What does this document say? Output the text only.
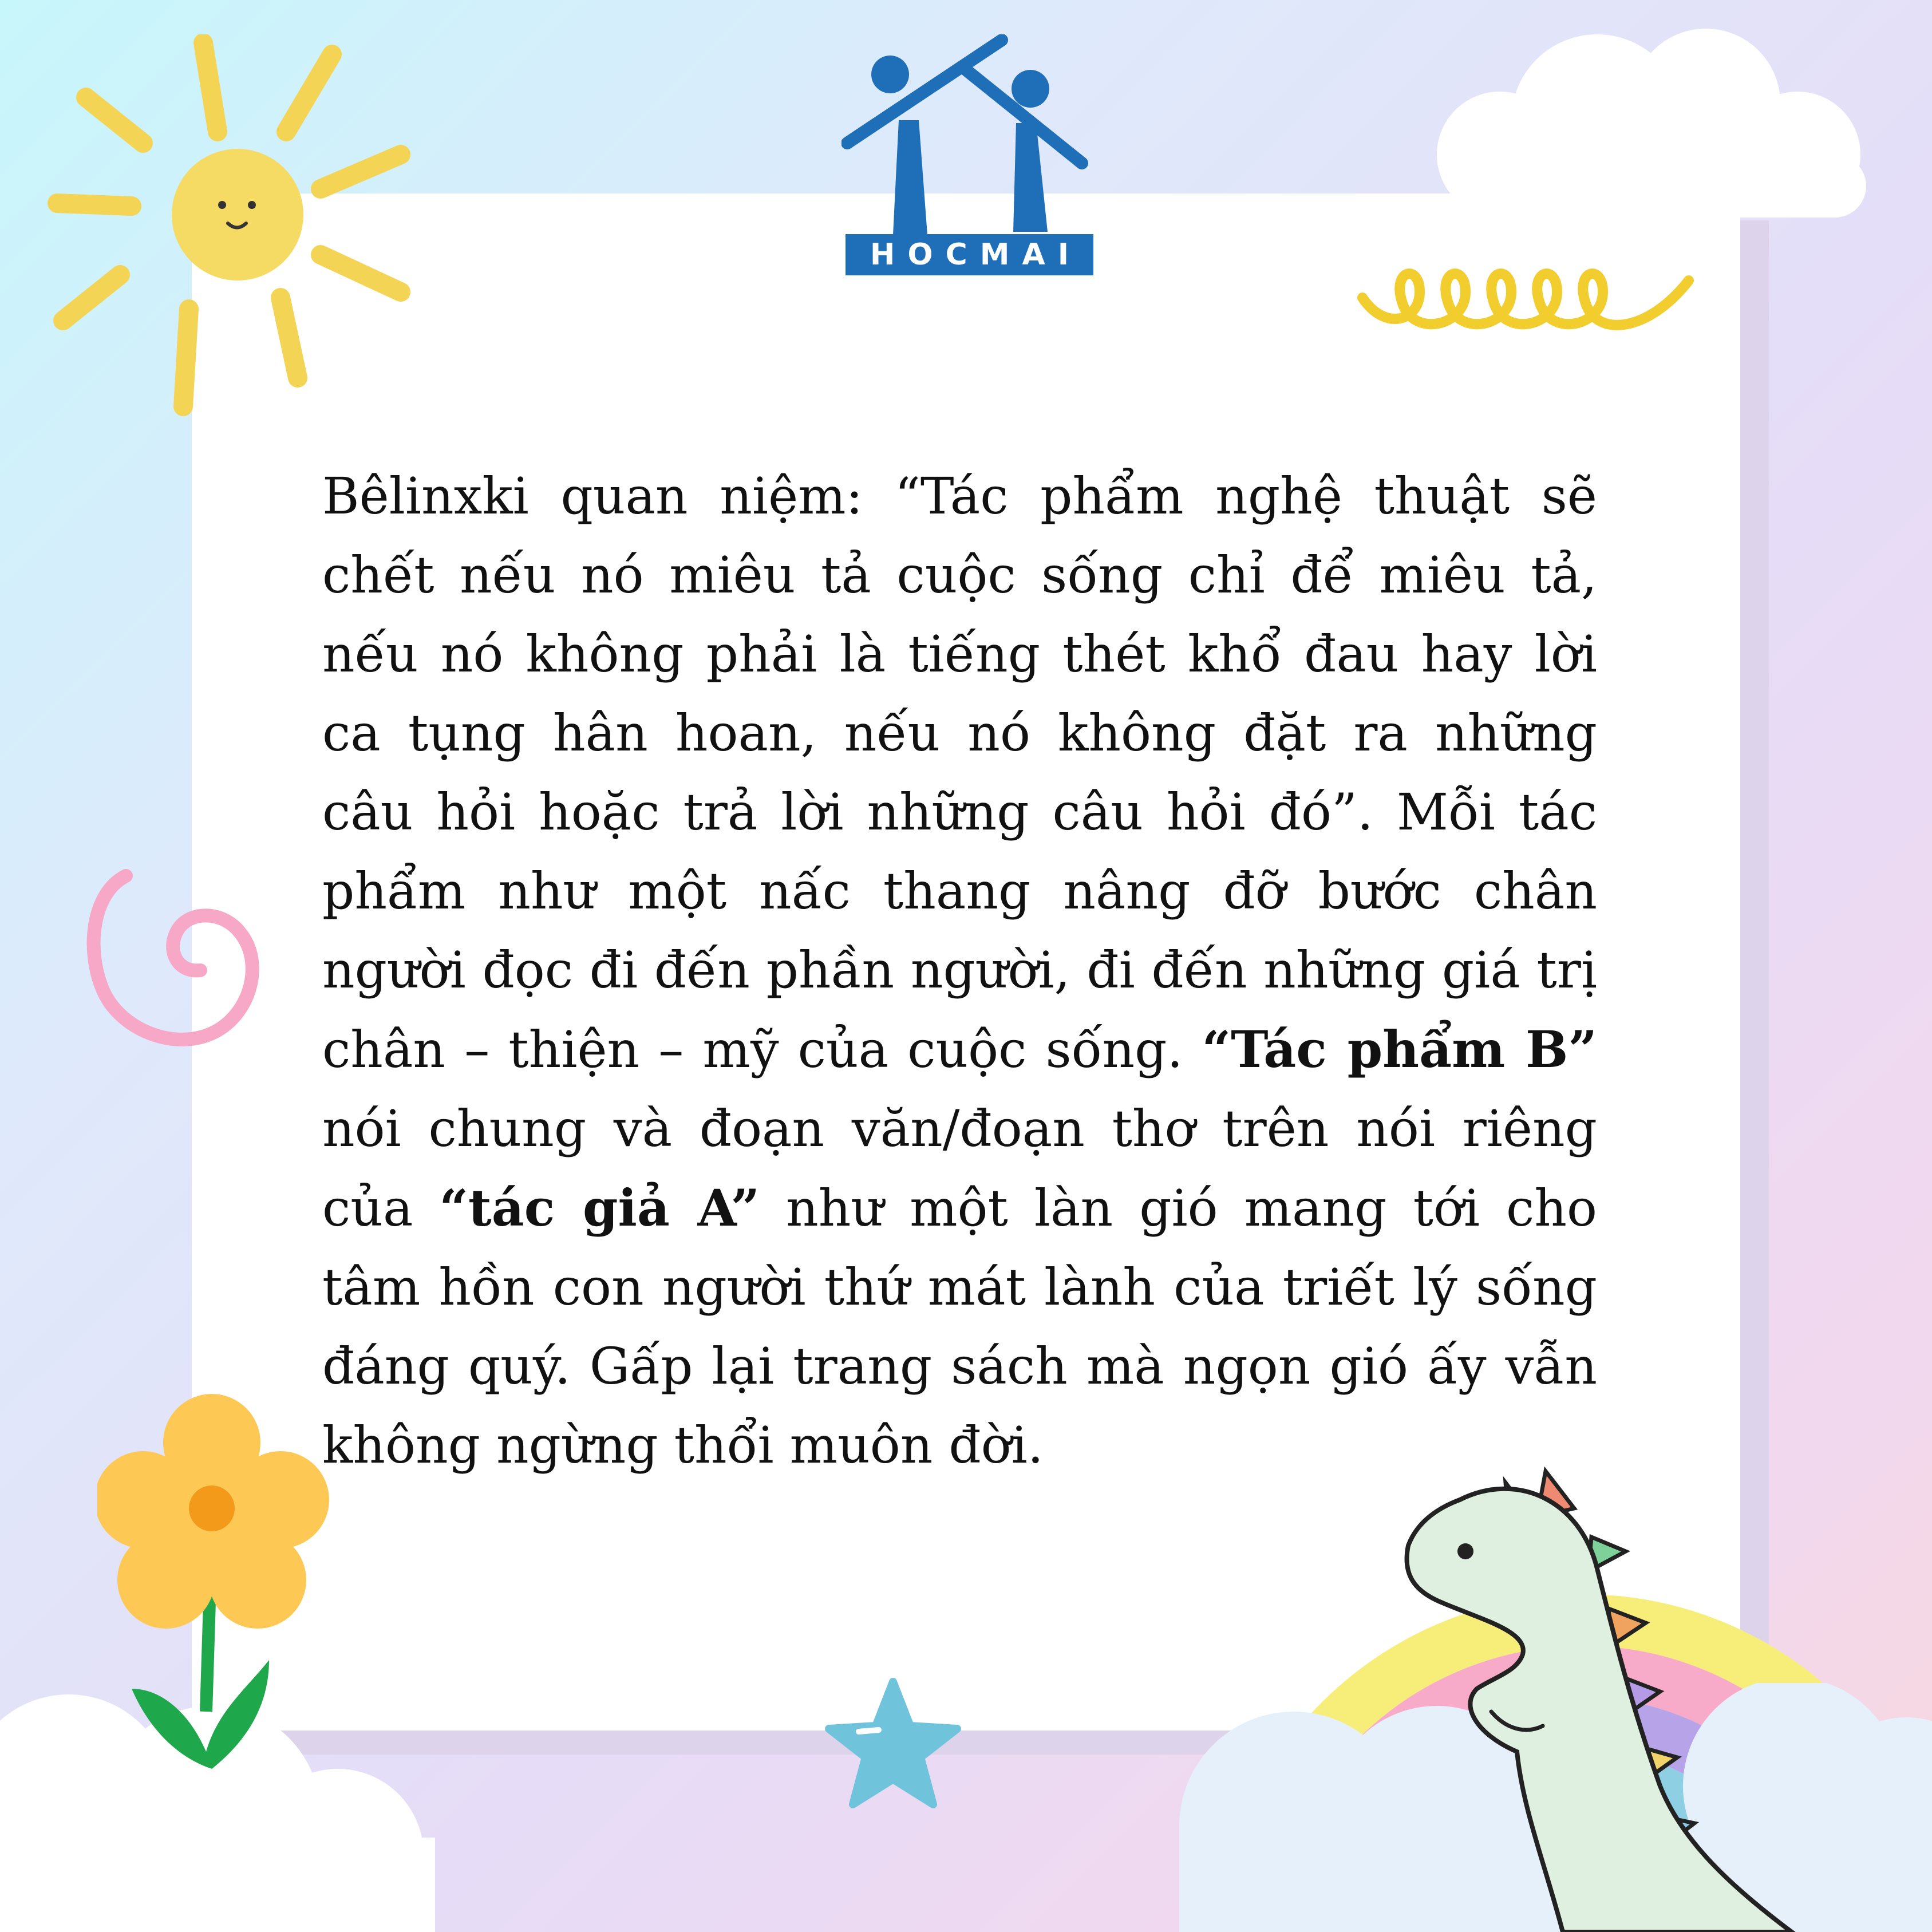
HOCMAI

Bêlinxki quan niệm: “Tác phẩm nghệ thuật sẽ chết nếu nó miêu tả cuộc sống chỉ để miêu tả, nếu nó không phải là tiếng thét khổ đau hay lời ca tụng hân hoan, nếu nó không đặt ra những câu hỏi hoặc trả lời những câu hỏi đó”. Mỗi tác phẩm như một nấc thang nâng đỡ bước chân người đọc đi đến phần người, đi đến những giá trị chân – thiện – mỹ của cuộc sống. “Tác phẩm B” nói chung và đoạn văn/đoạn thơ trên nói riêng của “tác giả A” như một làn gió mang tới cho tâm hồn con người thứ mát lành của triết lý sống đáng quý. Gấp lại trang sách mà ngọn gió ấy vẫn không ngừng thổi muôn đời.
